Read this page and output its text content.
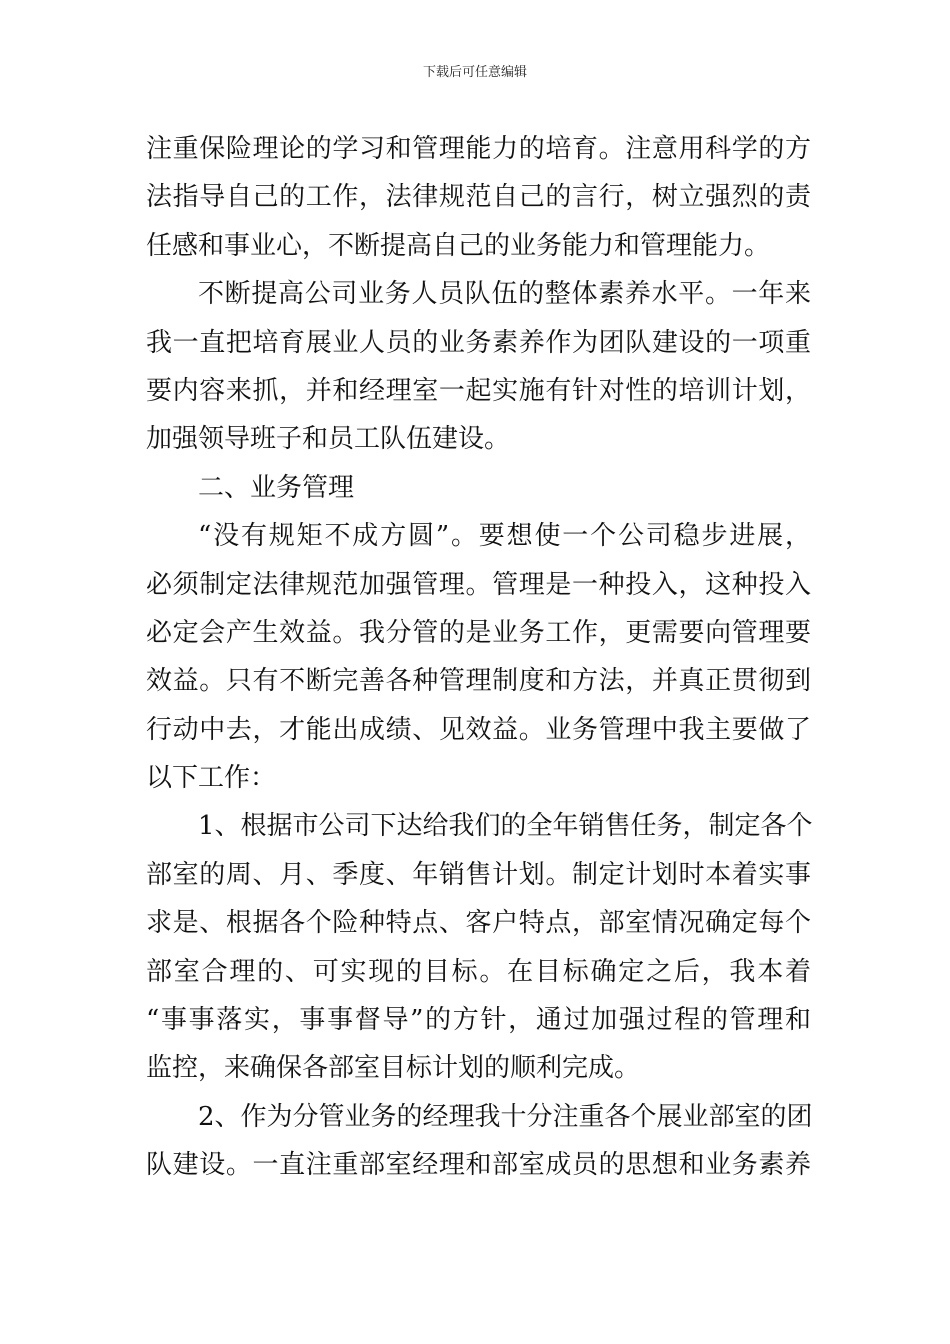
下载后可任意编辑
注重保险理论的学习和管理能力的培育。注意用科学的方
法指导自己的工作，法律规范自己的言行，树立强烈的责
任感和事业心，不断提高自己的业务能力和管理能力。
不断提高公司业务人员队伍的整体素养水平。一年来
我一直把培育展业人员的业务素养作为团队建设的一项重
要内容来抓，并和经理室一起实施有针对性的培训计划，
加强领导班子和员工队伍建设。
二、业务管理
“没有规矩不成方圆”。要想使一个公司稳步进展，
必须制定法律规范加强管理。管理是一种投入，这种投入
必定会产生效益。我分管的是业务工作，更需要向管理要
效益。只有不断完善各种管理制度和方法，并真正贯彻到
行动中去，才能出成绩、见效益。业务管理中我主要做了
以下工作：
1、根据市公司下达给我们的全年销售任务，制定各个
部室的周、月、季度、年销售计划。制定计划时本着实事
求是、根据各个险种特点、客户特点，部室情况确定每个
部室合理的、可实现的目标。在目标确定之后，我本着
“事事落实，事事督导”的方针，通过加强过程的管理和
监控，来确保各部室目标计划的顺利完成。
2、作为分管业务的经理我十分注重各个展业部室的团
队建设。一直注重部室经理和部室成员的思想和业务素养
